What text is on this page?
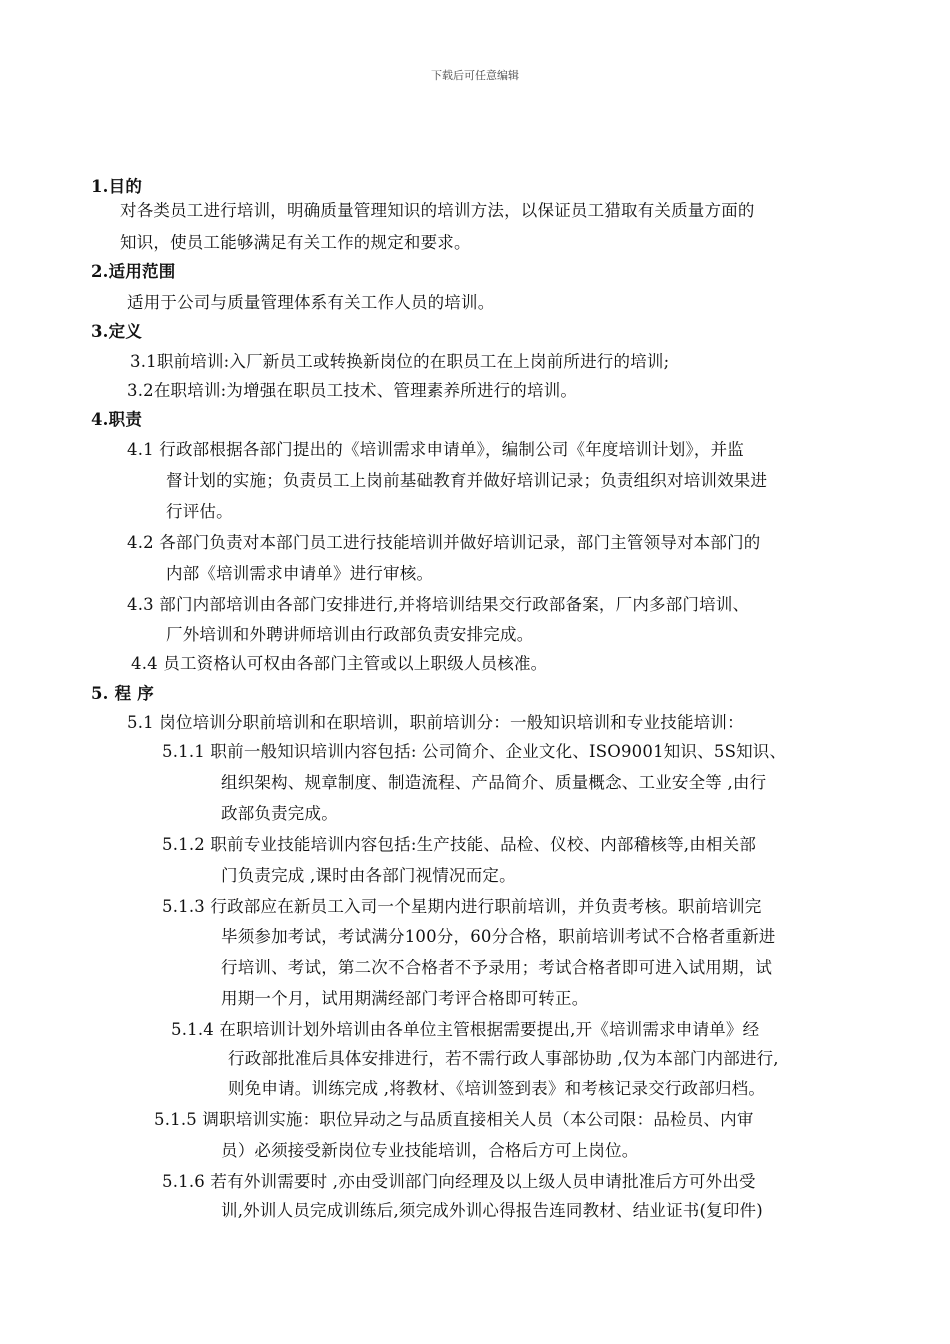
下载后可任意编辑
1.目的
对各类员工进行培训，明确质量管理知识的培训方法，以保证员工猎取有关质量方面的
知识，使员工能够满足有关工作的规定和要求。
2.适用范围
适用于公司与质量管理体系有关工作人员的培训。
3.定义
3.1职前培训:入厂新员工或转换新岗位的在职员工在上岗前所进行的培训;
3.2在职培训:为增强在职员工技术、管理素养所进行的培训。
4.职责
4.1 行政部根据各部门提出的《培训需求申请单》，编制公司《年度培训计划》，并监
督计划的实施；负责员工上岗前基础教育并做好培训记录；负责组织对培训效果进
行评估。
4.2 各部门负责对本部门员工进行技能培训并做好培训记录，部门主管领导对本部门的
内部《培训需求申请单》进行审核。
4.3 部门内部培训由各部门安排进行,并将培训结果交行政部备案，厂内多部门培训、
厂外培训和外聘讲师培训由行政部负责安排完成。
4.4 员工资格认可权由各部门主管或以上职级人员核准。
5. 程 序
5.1 岗位培训分职前培训和在职培训，职前培训分：一般知识培训和专业技能培训：
5.1.1 职前一般知识培训内容包括: 公司简介、企业文化、ISO9001知识、5S知识、
组织架构、规章制度、制造流程、产品简介、质量概念、工业安全等 ,由行
政部负责完成。
5.1.2 职前专业技能培训内容包括:生产技能、品检、仪校、内部稽核等,由相关部
门负责完成 ,课时由各部门视情况而定。
5.1.3 行政部应在新员工入司一个星期内进行职前培训，并负责考核。职前培训完
毕须参加考试，考试满分100分，60分合格，职前培训考试不合格者重新进
行培训、考试，第二次不合格者不予录用；考试合格者即可进入试用期，试
用期一个月，试用期满经部门考评合格即可转正。
5.1.4 在职培训计划外培训由各单位主管根据需要提出,开《培训需求申请单》经
行政部批准后具体安排进行，若不需行政人事部协助 ,仅为本部门内部进行,
则免申请。训练完成 ,将教材、《培训签到表》和考核记录交行政部归档。
5.1.5 调职培训实施：职位异动之与品质直接相关人员（本公司限：品检员、内审
员）必须接受新岗位专业技能培训，合格后方可上岗位。
5.1.6 若有外训需要时 ,亦由受训部门向经理及以上级人员申请批准后方可外出受
训,外训人员完成训练后,须完成外训心得报告连同教材、结业证书(复印件)
